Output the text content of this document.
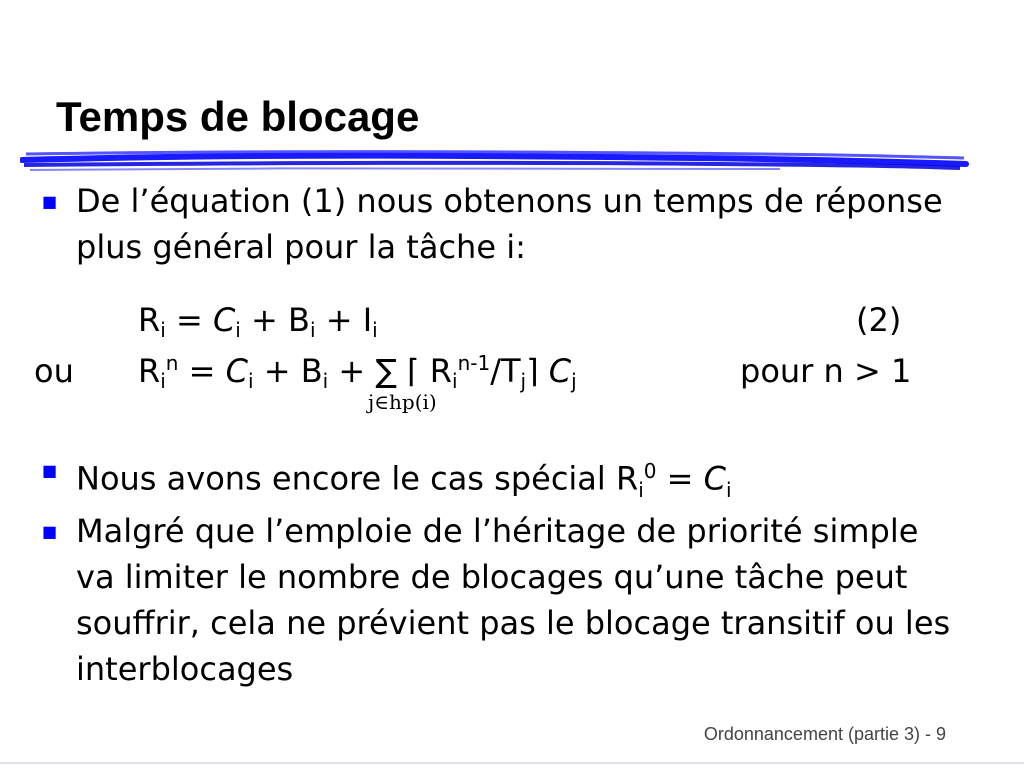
Temps de blocage
■ De l’équation (1) nous obtenons un temps de réponse plus général pour la tâche i:
$R_i = C_i + B_i + I_i$	(2)
ou $R_i^n = C_i + B_i$ + ∑ ⌈ $R_i^{n-1}/T_j⌉$ $C_j$
j∈hp(i)
pour n > 1
■ Nous avons encore le cas spécial $R_i^0 = C_i$
■ Malgré que l’emploie de l’héritage de priorité simple va limiter le nombre de blocages qu’une tâche peut souffrir, cela ne prévient pas le blocage transitif ou les interblocages
Ordonnancement (partie 3) - 9
